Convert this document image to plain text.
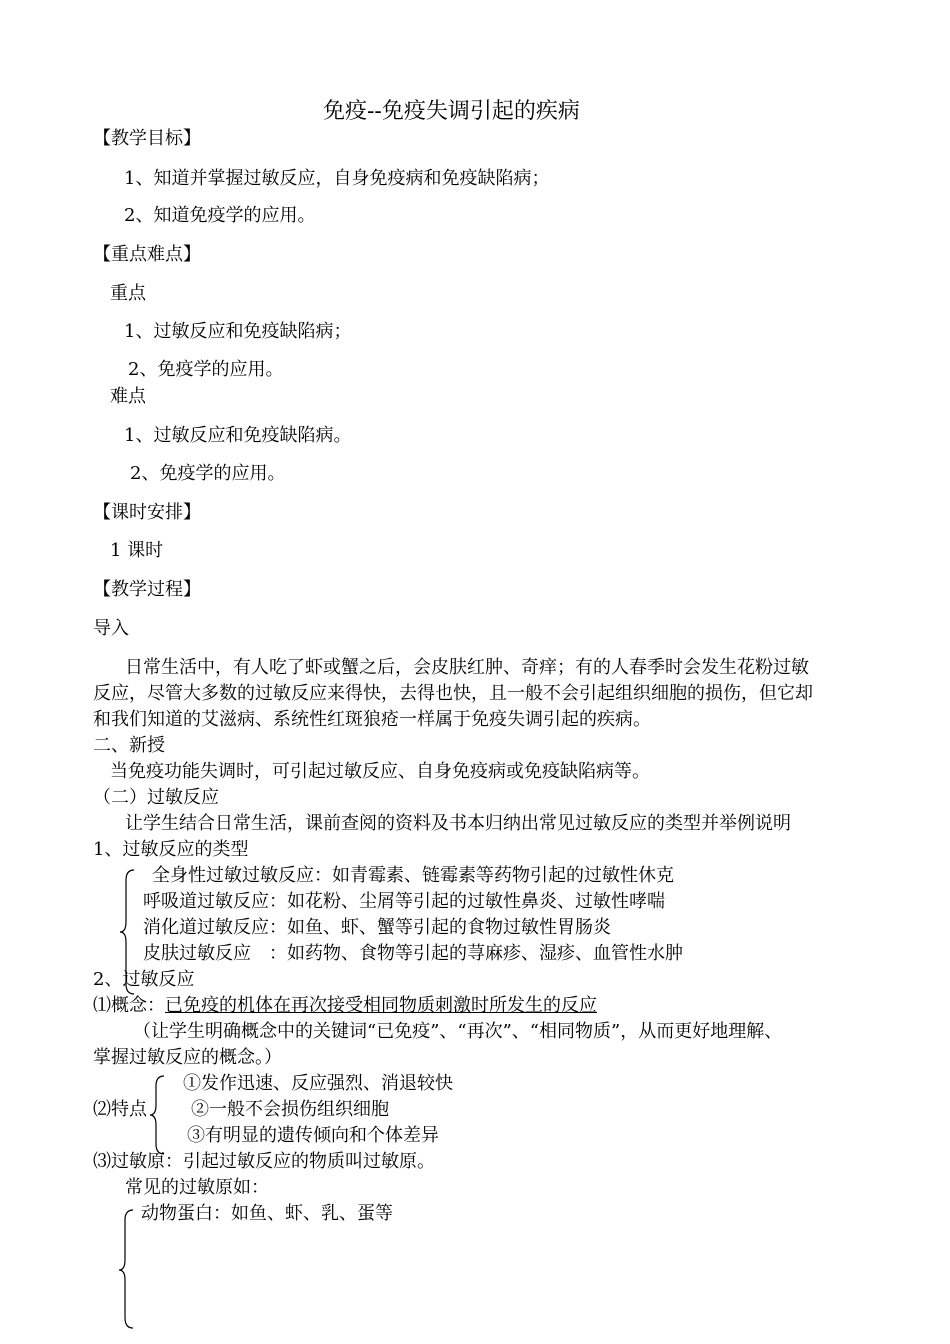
免疫--免疫失调引起的疾病
【教学目标】
1、知道并掌握过敏反应，自身免疫病和免疫缺陷病；
2、知道免疫学的应用。
【重点难点】
重点
1、过敏反应和免疫缺陷病；
2、免疫学的应用。
难点
1、过敏反应和免疫缺陷病。
2、免疫学的应用。
【课时安排】
1 课时
【教学过程】
导入
日常生活中，有人吃了虾或蟹之后，会皮肤红肿、奇痒；有的人春季时会发生花粉过敏
反应，尽管大多数的过敏反应来得快，去得也快，且一般不会引起组织细胞的损伤，但它却
和我们知道的艾滋病、系统性红斑狼疮一样属于免疫失调引起的疾病。
二、新授
当免疫功能失调时，可引起过敏反应、自身免疫病或免疫缺陷病等。
（二）过敏反应
让学生结合日常生活，课前查阅的资料及书本归纳出常见过敏反应的类型并举例说明
1、过敏反应的类型
全身性过敏过敏反应：如青霉素、链霉素等药物引起的过敏性休克
呼吸道过敏反应：如花粉、尘屑等引起的过敏性鼻炎、过敏性哮喘
消化道过敏反应：如鱼、虾、蟹等引起的食物过敏性胃肠炎
皮肤过敏反应　：如药物、食物等引起的荨麻疹、湿疹、血管性水肿
2、过敏反应
⑴概念：已免疫的机体在再次接受相同物质刺激时所发生的反应
（让学生明确概念中的关键词“已免疫”、“再次”、“相同物质”，从而更好地理解、
掌握过敏反应的概念。）
⑵特点
①发作迅速、反应强烈、消退较快
②一般不会损伤组织细胞
③有明显的遗传倾向和个体差异
⑶过敏原：引起过敏反应的物质叫过敏原。
常见的过敏原如：
动物蛋白：如鱼、虾、乳、蛋等
